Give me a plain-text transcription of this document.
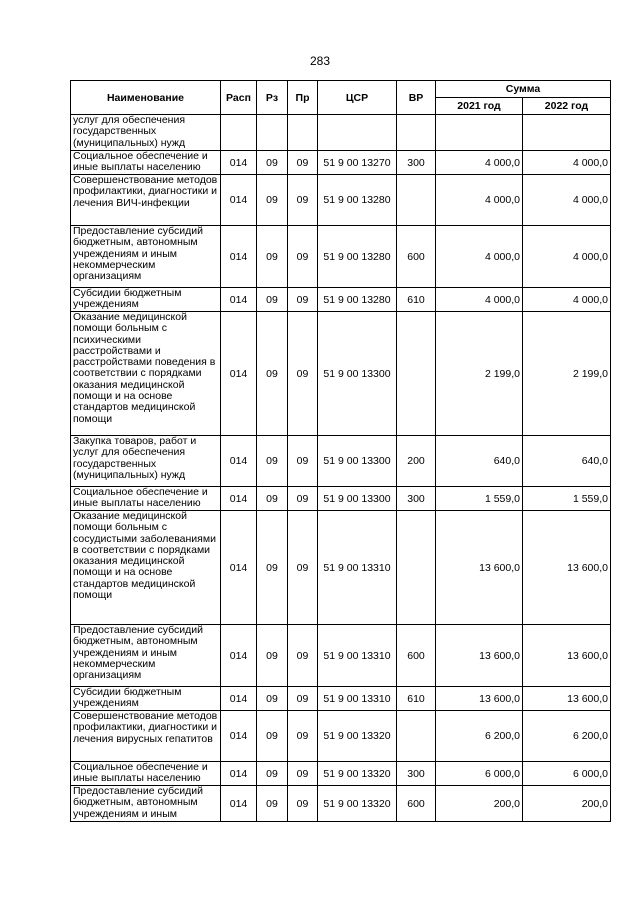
283
Наименование	Расп	Рз	Пр	ЦСР	ВР	Сумма	
						2021 год	2022 год
услуг для обеспечения государственных (муниципальных) нужд							
Социальное обеспечение и иные выплаты населению	014	09	09	51 9 00 13270	300	4 000,0	4 000,0
Совершенствование методов профилактики, диагностики и лечения ВИЧ-инфекции	014	09	09	51 9 00 13280		4 000,0	4 000,0
Предоставление субсидий бюджетным, автономным учреждениям и иным некоммерческим организациям	014	09	09	51 9 00 13280	600	4 000,0	4 000,0
Субсидии бюджетным учреждениям	014	09	09	51 9 00 13280	610	4 000,0	4 000,0
Оказание медицинской помощи больным с психическими расстройствами и расстройствами поведения в соответствии с порядками оказания медицинской помощи и на основе стандартов медицинской помощи	014	09	09	51 9 00 13300		2 199,0	2 199,0
Закупка товаров, работ и услуг для обеспечения государственных (муниципальных) нужд	014	09	09	51 9 00 13300	200	640,0	640,0
Социальное обеспечение и иные выплаты населению	014	09	09	51 9 00 13300	300	1 559,0	1 559,0
Оказание медицинской помощи больным с сосудистыми заболеваниями в соответствии с порядками оказания медицинской помощи и на основе стандартов медицинской помощи	014	09	09	51 9 00 13310		13 600,0	13 600,0
Предоставление субсидий бюджетным, автономным учреждениям и иным некоммерческим организациям	014	09	09	51 9 00 13310	600	13 600,0	13 600,0
Субсидии бюджетным учреждениям	014	09	09	51 9 00 13310	610	13 600,0	13 600,0
Совершенствование методов профилактики, диагностики и лечения вирусных гепатитов	014	09	09	51 9 00 13320		6 200,0	6 200,0
Социальное обеспечение и иные выплаты населению	014	09	09	51 9 00 13320	300	6 000,0	6 000,0
Предоставление субсидий бюджетным, автономным учреждениям и иным	014	09	09	51 9 00 13320	600	200,0	200,0
